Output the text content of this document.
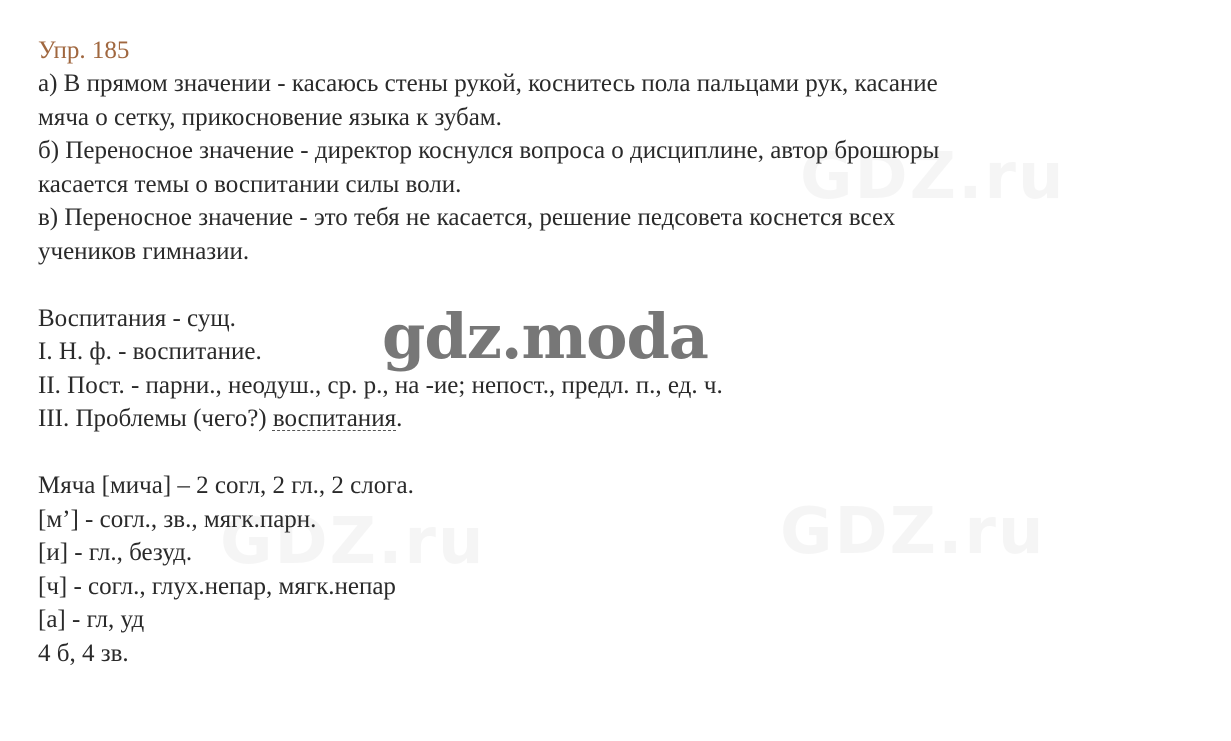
Упр. 185

а) В прямом значении - касаюсь стены рукой, коснитесь пола пальцами рук, касание

мяча о сетку, прикосновение языка к зубам.

б) Переносное значение - директор коснулся вопроса о дисциплине, автор брошюры

касается темы о воспитании силы воли.

в) Переносное значение - это тебя не касается, решение педсовета коснется всех

учеников гимназии.

Воспитания - сущ.

I. Н. ф. - воспитание.

II. Пост. - парни., неодуш., ср. р., на -ие; непост., предл. п., ед. ч.

III. Проблемы (чего?) воспитания.

Мяча [мича] – 2 согл, 2 гл., 2 слога.

[м’] - согл., зв., мягк.парн.

[и] - гл., безуд.

[ч] - согл., глух.непар, мягк.непар

[а] - гл, уд

4 б, 4 зв.

gdz.moda
